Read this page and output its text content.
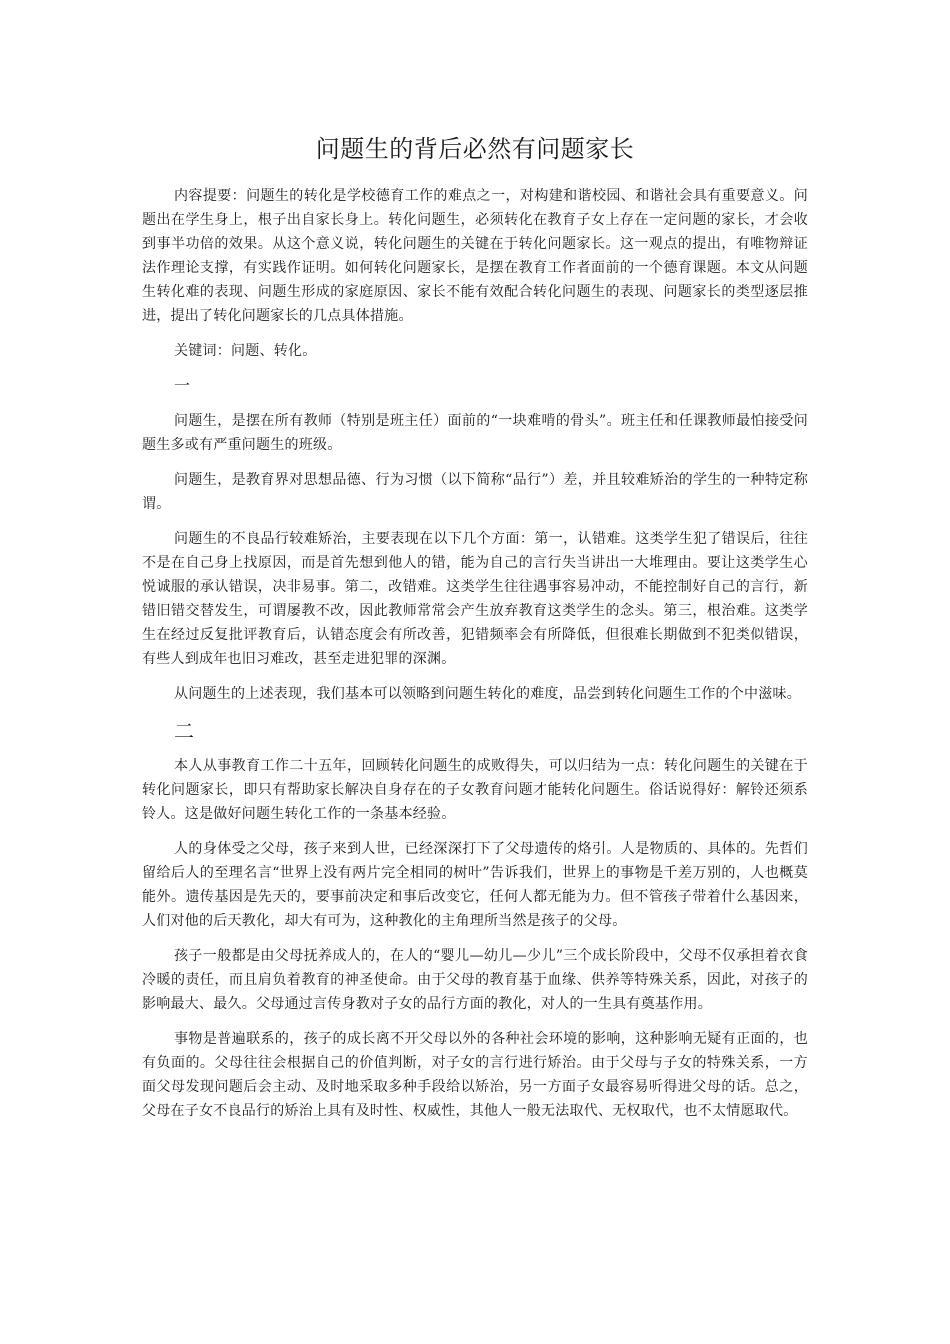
问题生的背后必然有问题家长

内容提要：问题生的转化是学校德育工作的难点之一，对构建和谐校园、和谐社会具有重要意义。问题出在学生身上，根子出自家长身上。转化问题生，必须转化在教育子女上存在一定问题的家长，才会收到事半功倍的效果。从这个意义说，转化问题生的关键在于转化问题家长。这一观点的提出，有唯物辩证法作理论支撑，有实践作证明。如何转化问题家长，是摆在教育工作者面前的一个德育课题。本文从问题生转化难的表现、问题生形成的家庭原因、家长不能有效配合转化问题生的表现、问题家长的类型逐层推进，提出了转化问题家长的几点具体措施。

关键词：问题、转化。

一

问题生，是摆在所有教师（特别是班主任）面前的“一块难啃的骨头”。班主任和任课教师最怕接受问题生多或有严重问题生的班级。

问题生，是教育界对思想品德、行为习惯（以下简称“品行”）差，并且较难矫治的学生的一种特定称谓。

问题生的不良品行较难矫治，主要表现在以下几个方面：第一，认错难。这类学生犯了错误后，往往不是在自己身上找原因，而是首先想到他人的错，能为自己的言行失当讲出一大堆理由。要让这类学生心悦诚服的承认错误，决非易事。第二，改错难。这类学生往往遇事容易冲动，不能控制好自己的言行，新错旧错交替发生，可谓屡教不改，因此教师常常会产生放弃教育这类学生的念头。第三，根治难。这类学生在经过反复批评教育后，认错态度会有所改善，犯错频率会有所降低，但很难长期做到不犯类似错误，有些人到成年也旧习难改，甚至走进犯罪的深渊。

从问题生的上述表现，我们基本可以领略到问题生转化的难度，品尝到转化问题生工作的个中滋味。

二

本人从事教育工作二十五年，回顾转化问题生的成败得失，可以归结为一点：转化问题生的关键在于转化问题家长，即只有帮助家长解决自身存在的子女教育问题才能转化问题生。俗话说得好：解铃还须系铃人。这是做好问题生转化工作的一条基本经验。

人的身体受之父母，孩子来到人世，已经深深打下了父母遗传的烙引。人是物质的、具体的。先哲们留给后人的至理名言“世界上没有两片完全相同的树叶”告诉我们，世界上的事物是千差万别的，人也概莫能外。遗传基因是先天的，要事前决定和事后改变它，任何人都无能为力。但不管孩子带着什么基因来，人们对他的后天教化，却大有可为，这种教化的主角理所当然是孩子的父母。

孩子一般都是由父母抚养成人的，在人的“婴儿—幼儿—少儿”三个成长阶段中，父母不仅承担着衣食冷暖的责任，而且肩负着教育的神圣使命。由于父母的教育基于血缘、供养等特殊关系，因此，对孩子的影响最大、最久。父母通过言传身教对子女的品行方面的教化，对人的一生具有奠基作用。

事物是普遍联系的，孩子的成长离不开父母以外的各种社会环境的影响，这种影响无疑有正面的，也有负面的。父母往往会根据自己的价值判断，对子女的言行进行矫治。由于父母与子女的特殊关系，一方面父母发现问题后会主动、及时地采取多种手段给以矫治，另一方面子女最容易听得进父母的话。总之，父母在子女不良品行的矫治上具有及时性、权威性，其他人一般无法取代、无权取代，也不太情愿取代。
